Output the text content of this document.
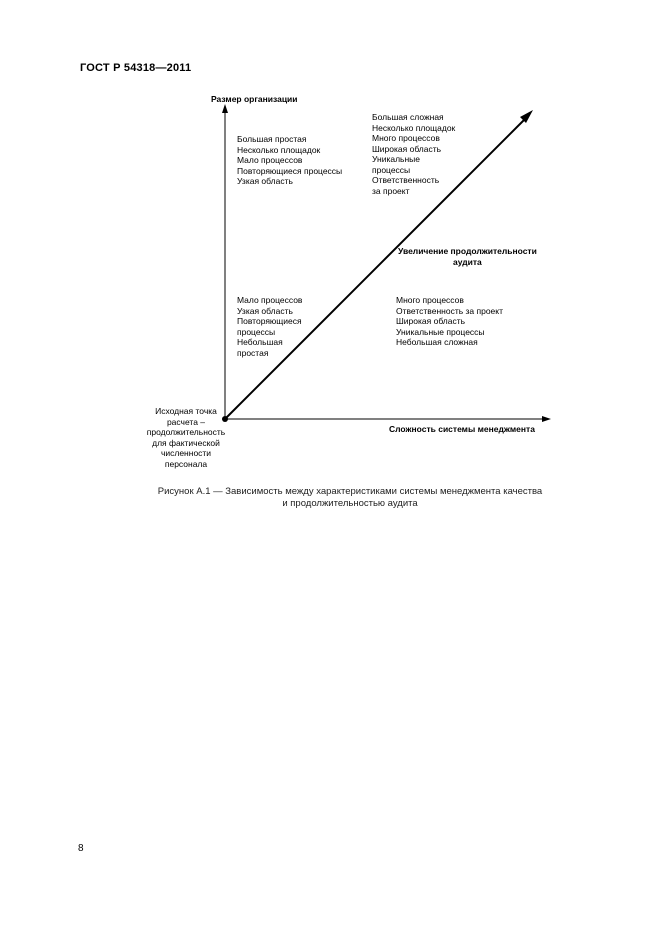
ГОСТ Р 54318—2011
Размер организации
Сложность системы менеджмента
Увеличение продолжительности
аудита
Исходная точка
расчета –
продолжительность
для фактической
численности
персонала
Большая простая
Несколько площадок
Мало процессов
Повторяющиеся процессы
Узкая область
Большая сложная
Несколько площадок
Много процессов
Широкая область
Уникальные
процессы
Ответственность
за проект
Мало процессов
Узкая область
Повторяющиеся
процессы
Небольшая
простая
Много процессов
Ответственность за проект
Широкая область
Уникальные процессы
Небольшая сложная
Рисунок А.1 — Зависимость между характеристиками системы менеджмента качества
и продолжительностью аудита
8
